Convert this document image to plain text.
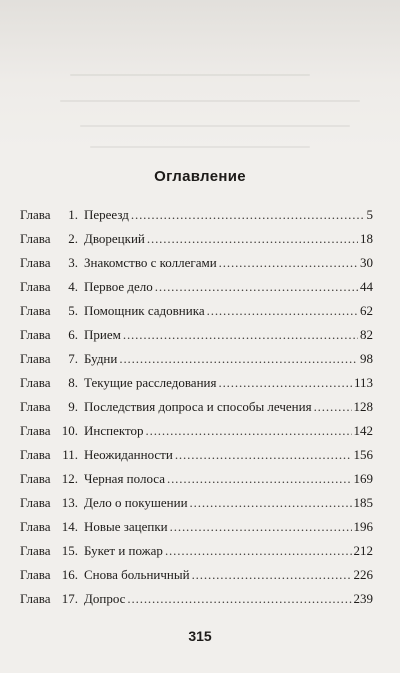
Оглавление
Глава	1. Переезд . . .	5
Глава	2. Дворецкий . . .	18
Глава	3. Знакомство с коллегами . . .	30
Глава	4. Первое дело . . .	44
Глава	5. Помощник садовника . . .	62
Глава	6. Прием . . .	82
Глава	7. Будни . . .	98
Глава	8. Текущие расследования . . .	113
Глава	9. Последствия допроса и способы лечения . . .	128
Глава 10. Инспектор . . .	142
Глава 11. Неожиданности . . .	156
Глава 12. Черная полоса . . .	169
Глава 13. Дело о покушении . . .	185
Глава 14. Новые зацепки . . .	196
Глава 15. Букет и пожар . . .	212
Глава 16. Снова больничный . . .	226
Глава 17. Допрос . . .	239
315
